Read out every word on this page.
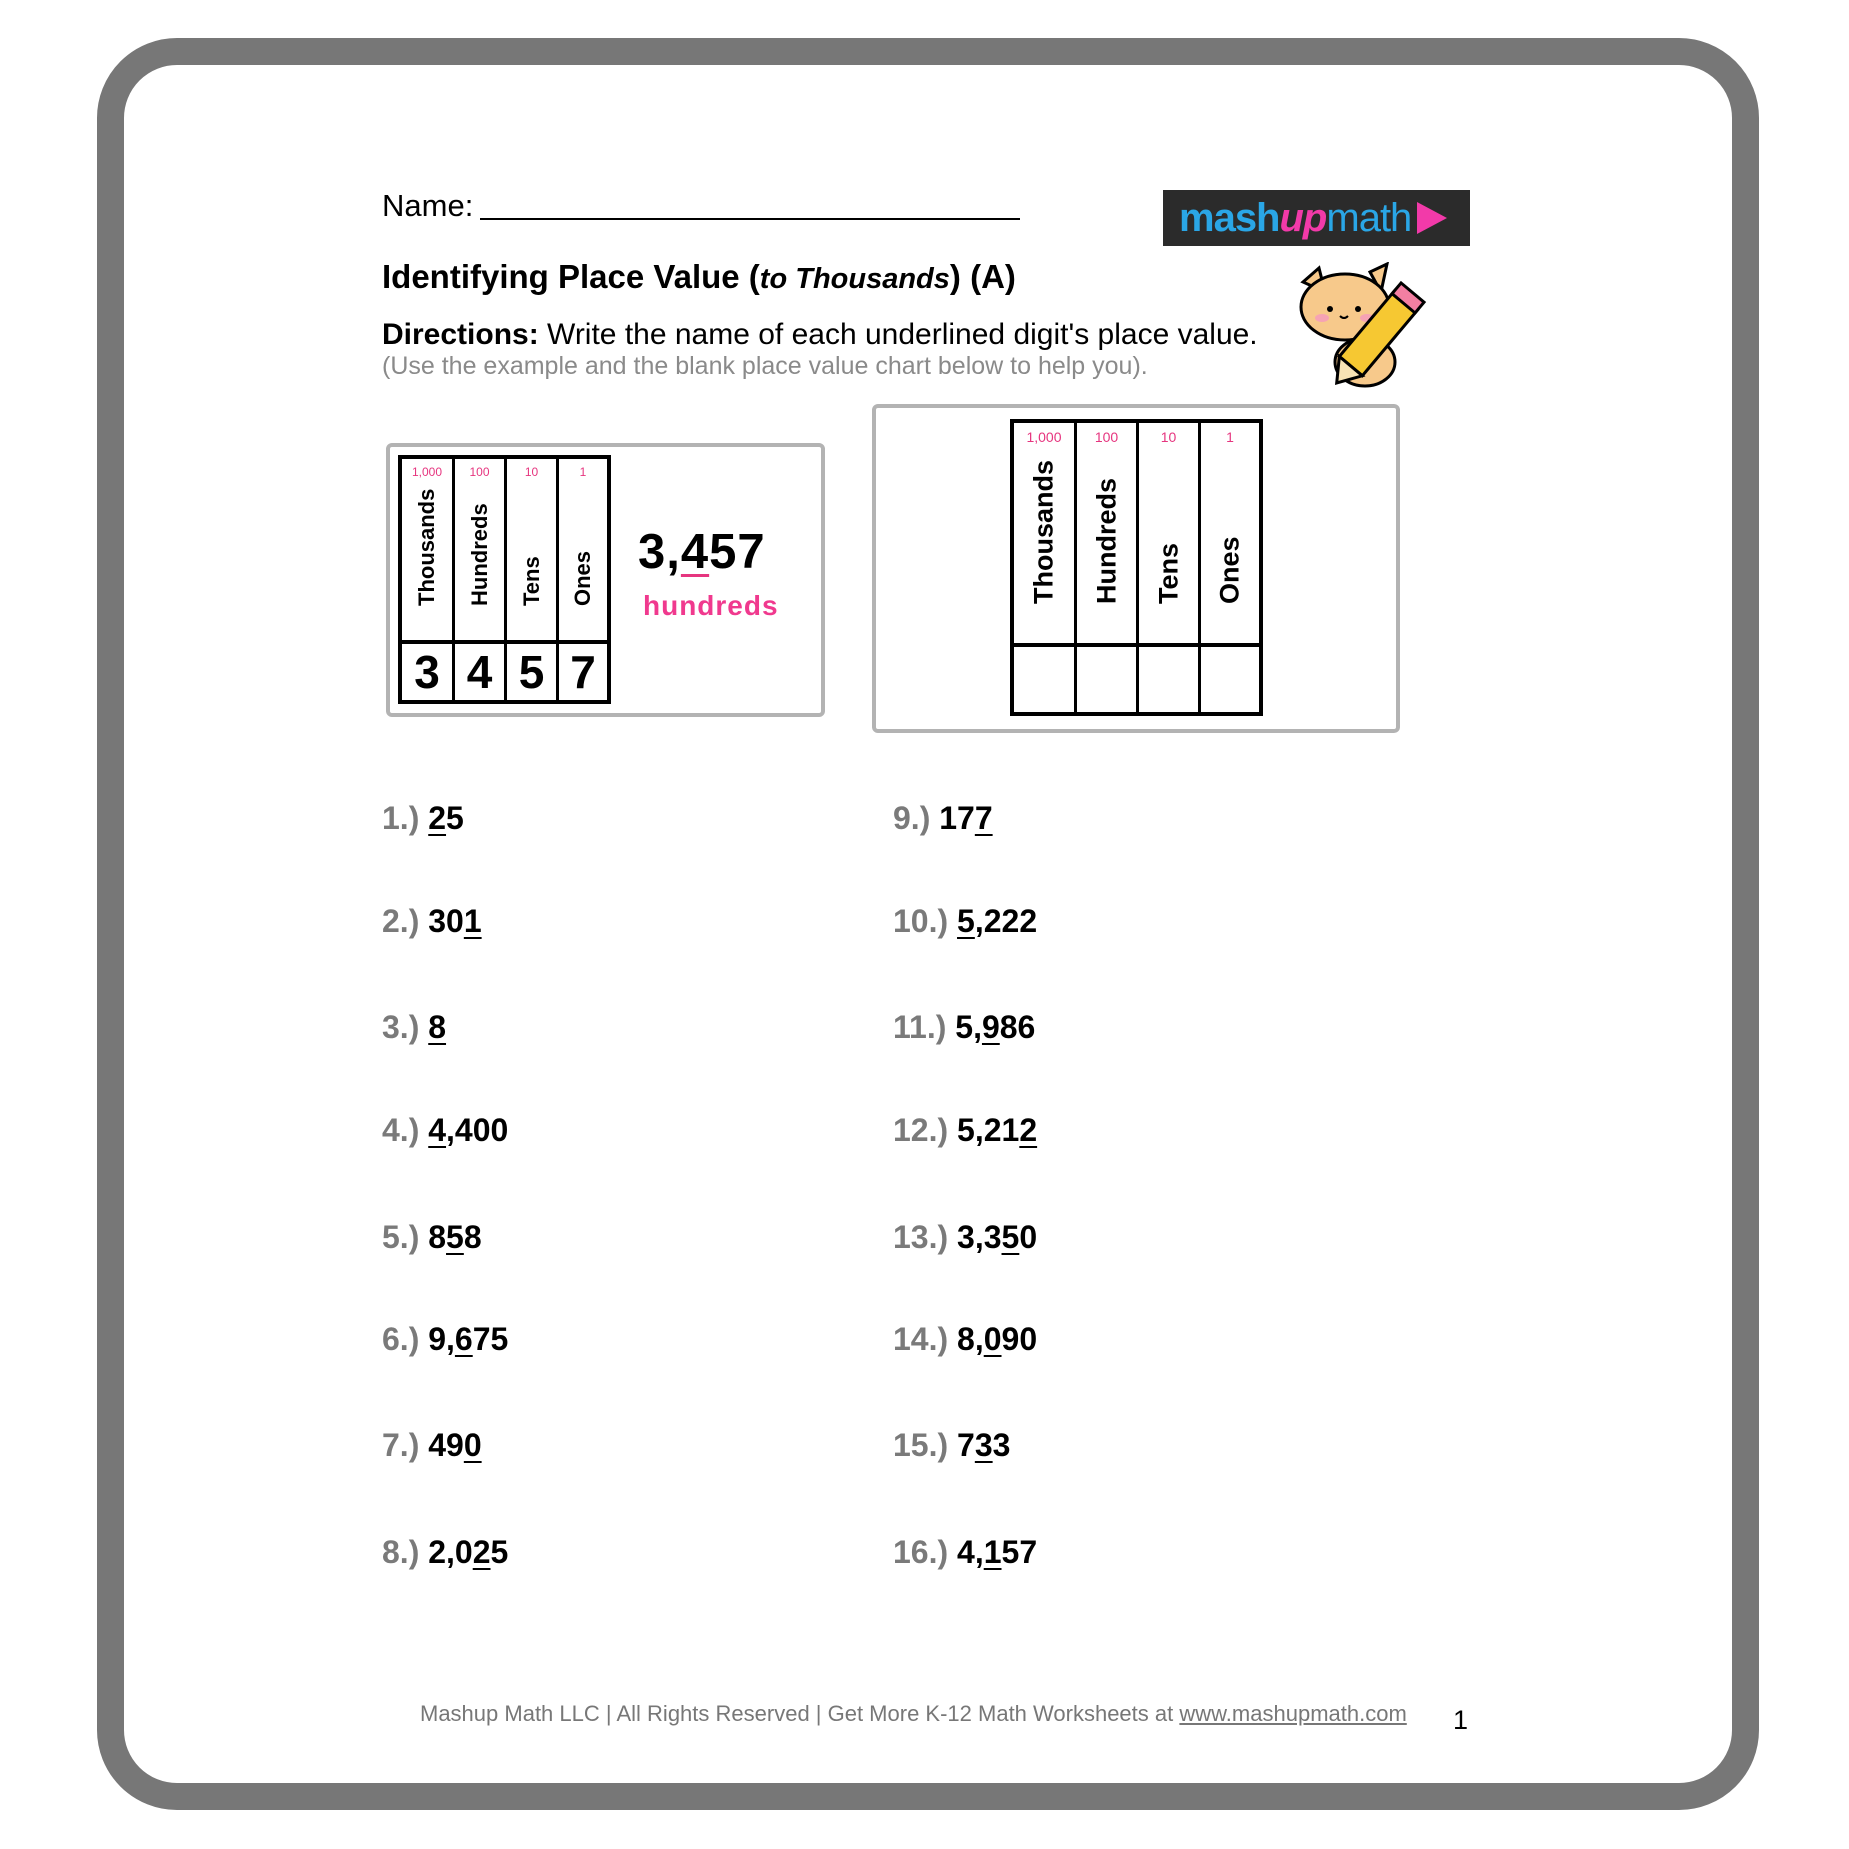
Name:	mash up math
Identifying Place Value (to Thousands) (A)
Directions: Write the name of each underlined digit's place value.
(Use the example and the blank place value chart below to help you).
1,000
Thousands
3
100
Hundreds
4
10
Tens
5
1
Ones
7
3,457
hundreds
1,000
Thousands
100
Hundreds
10
Tens
1
Ones
1.) 25
2.) 301
3.) 8
4.) 4,400
5.) 858
6.) 9,675
7.) 490
8.) 2,025
9.) 177
10.) 5,222
11.) 5,986
12.) 5,212
13.) 3,350
14.) 8,090
15.) 733
16.) 4,157
Mashup Math LLC | All Rights Reserved | Get More K-12 Math Worksheets at www.mashupmath.com 1
